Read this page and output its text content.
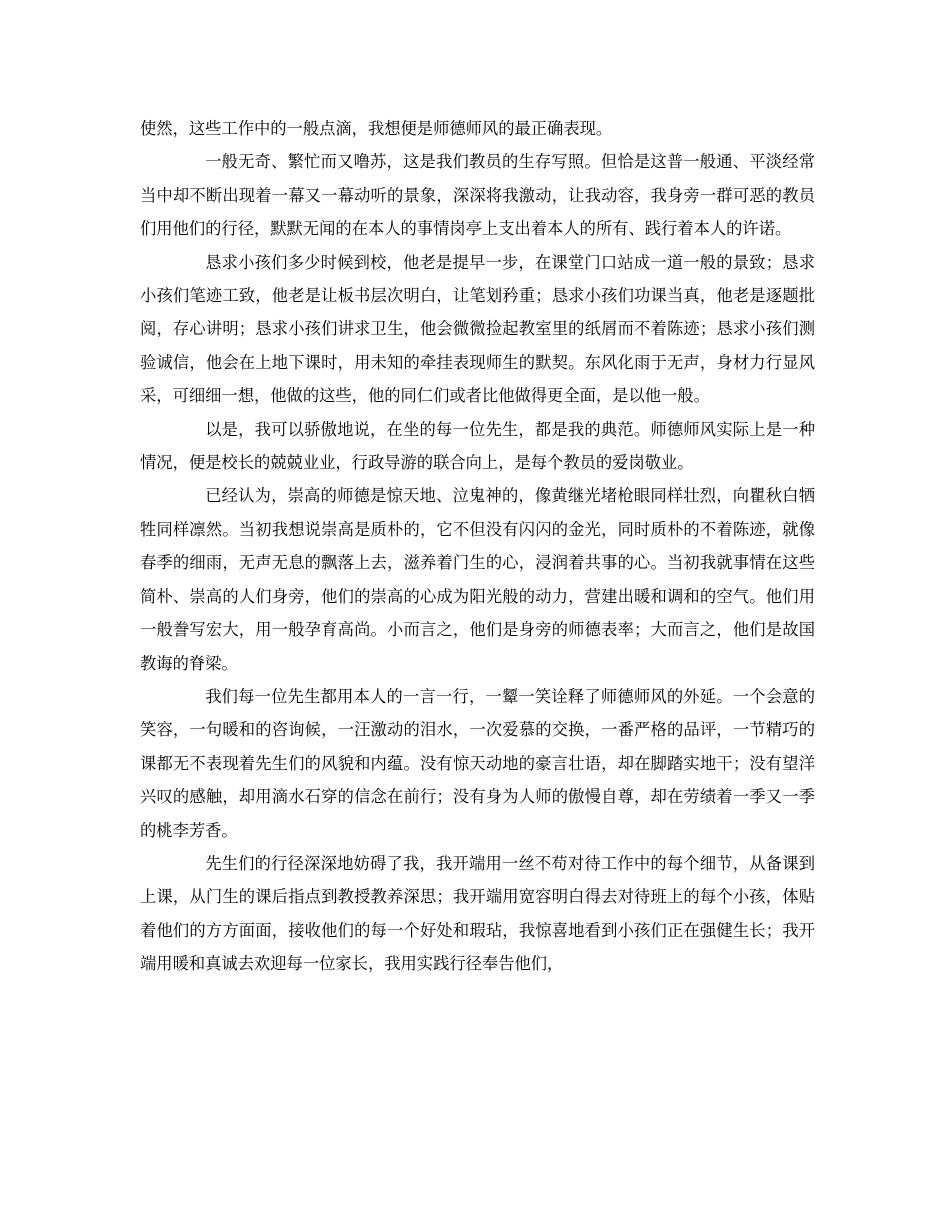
使然，这些工作中的一般点滴，我想便是师德师风的最正确表现。

一般无奇、繁忙而又噜苏，这是我们教员的生存写照。但恰是这普一般通、平淡经常当中却不断出现着一幕又一幕动听的景象，深深将我激动，让我动容，我身旁一群可恶的教员们用他们的行径，默默无闻的在本人的事情岗亭上支出着本人的所有、践行着本人的许诺。

恳求小孩们多少时候到校，他老是提早一步，在课堂门口站成一道一般的景致；恳求小孩们笔迹工致，他老是让板书层次明白，让笔划矜重；恳求小孩们功课当真，他老是逐题批阅，存心讲明；恳求小孩们讲求卫生，他会微微捡起教室里的纸屑而不着陈迹；恳求小孩们测验诚信，他会在上地下课时，用未知的牵挂表现师生的默契。东风化雨于无声，身材力行显风采，可细细一想，他做的这些，他的同仁们或者比他做得更全面，是以他一般。

以是，我可以骄傲地说，在坐的每一位先生，都是我的典范。师德师风实际上是一种情况，便是校长的兢兢业业，行政导游的联合向上，是每个教员的爱岗敬业。

已经认为，崇高的师德是惊天地、泣鬼神的，像黄继光堵枪眼同样壮烈，向瞿秋白牺牲同样凛然。当初我想说崇高是质朴的，它不但没有闪闪的金光，同时质朴的不着陈迹，就像春季的细雨，无声无息的飘落上去，滋养着门生的心，浸润着共事的心。当初我就事情在这些简朴、崇高的人们身旁，他们的崇高的心成为阳光般的动力，营建出暖和调和的空气。他们用一般誊写宏大，用一般孕育高尚。小而言之，他们是身旁的师德表率；大而言之，他们是故国教诲的脊梁。

我们每一位先生都用本人的一言一行，一颦一笑诠释了师德师风的外延。一个会意的笑容，一句暖和的咨询候，一汪激动的泪水，一次爱慕的交换，一番严格的品评，一节精巧的课都无不表现着先生们的风貌和内蕴。没有惊天动地的豪言壮语，却在脚踏实地干；没有望洋兴叹的感触，却用滴水石穿的信念在前行；没有身为人师的傲慢自尊，却在劳绩着一季又一季的桃李芳香。

先生们的行径深深地妨碍了我，我开端用一丝不苟对待工作中的每个细节，从备课到上课，从门生的课后指点到教授教养深思；我开端用宽容明白得去对待班上的每个小孩，体贴着他们的方方面面，接收他们的每一个好处和瑕玷，我惊喜地看到小孩们正在强健生长；我开端用暖和真诚去欢迎每一位家长，我用实践行径奉告他们，
